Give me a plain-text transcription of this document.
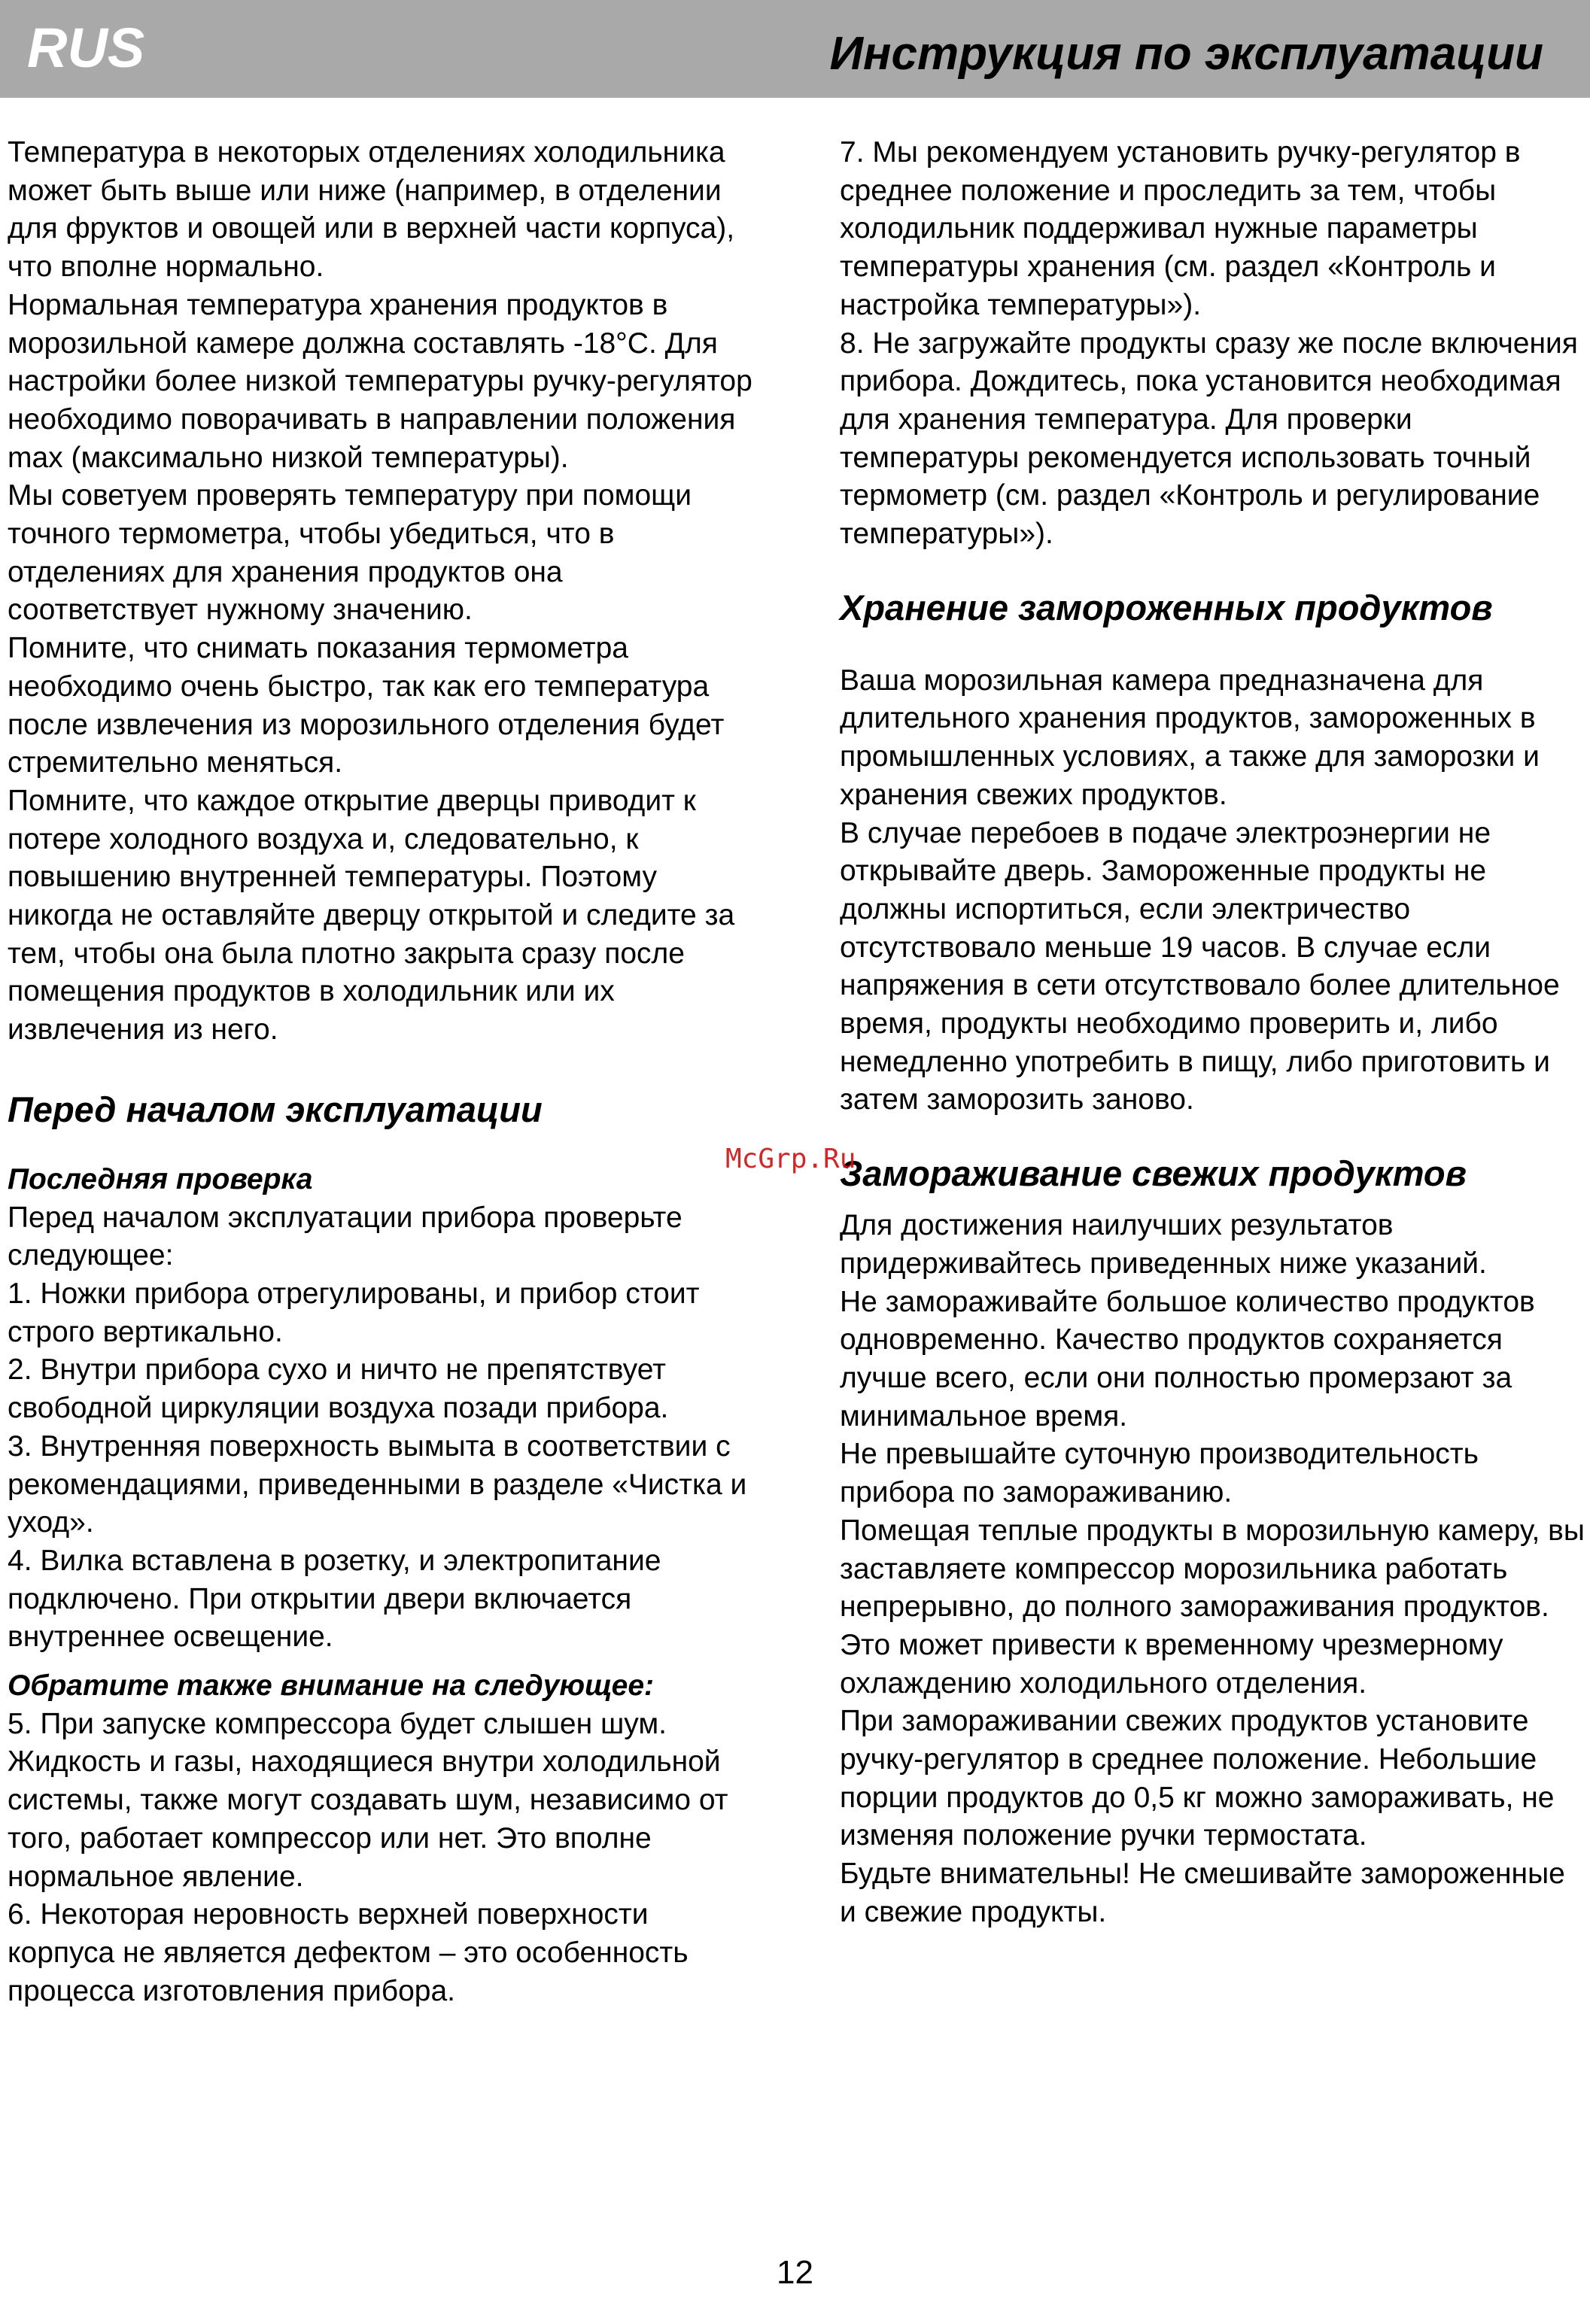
RUS	Инструкция по эксплуатации

Температура в некоторых отделениях холодильника может быть выше или ниже (например, в отделении для фруктов и овощей или в верхней части корпуса), что вполне нормально.

Нормальная температура хранения продуктов в морозильной камере должна составлять -18°C. Для настройки более низкой температуры ручку-регулятор необходимо поворачивать в направлении положения max (максимально низкой температуры).

Мы советуем проверять температуру при помощи точного термометра, чтобы убедиться, что в отделениях для хранения продуктов она соответствует нужному значению.

Помните, что снимать показания термометра необходимо очень быстро, так как его температура после извлечения из морозильного отделения будет стремительно меняться.

Помните, что каждое открытие дверцы приводит к потере холодного воздуха и, следовательно, к повышению внутренней температуры. Поэтому никогда не оставляйте дверцу открытой и следите за тем, чтобы она была плотно закрыта сразу после помещения продуктов в холодильник или их извлечения из него.

Перед началом эксплуатации

Последняя проверка

Перед началом эксплуатации прибора проверьте следующее:

1. Ножки прибора отрегулированы, и прибор стоит строго вертикально.

2. Внутри прибора сухо и ничто не препятствует свободной циркуляции воздуха позади прибора.

3. Внутренняя поверхность вымыта в соответствии с рекомендациями, приведенными в разделе «Чистка и уход».

4. Вилка вставлена в розетку, и электропитание подключено. При открытии двери включается внутреннее освещение.

Обратите также внимание на следующее:

5. При запуске компрессора будет слышен шум. Жидкость и газы, находящиеся внутри холодильной системы, также могут создавать шум, независимо от того, работает компрессор или нет. Это вполне нормальное явление.

6. Некоторая неровность верхней поверхности корпуса не является дефектом – это особенность процесса изготовления прибора.

7. Мы рекомендуем установить ручку-регулятор в среднее положение и проследить за тем, чтобы холодильник поддерживал нужные параметры температуры хранения (см. раздел «Контроль и настройка температуры»).

8. Не загружайте продукты сразу же после включения прибора. Дождитесь, пока установится необходимая для хранения температура. Для проверки температуры рекомендуется использовать точный термометр (см. раздел «Контроль и регулирование температуры»).

Хранение замороженных продуктов

Ваша морозильная камера предназначена для длительного хранения продуктов, замороженных в промышленных условиях, а также для заморозки и хранения свежих продуктов.

В случае перебоев в подаче электроэнергии не открывайте дверь. Замороженные продукты не должны испортиться, если электричество отсутствовало меньше 19 часов. В случае если напряжения в сети отсутствовало более длительное время, продукты необходимо проверить и, либо немедленно употребить в пищу, либо приготовить и затем заморозить заново.

Замораживание свежих продуктов

Для достижения наилучших результатов придерживайтесь приведенных ниже указаний.

Не замораживайте большое количество продуктов одновременно. Качество продуктов сохраняется лучше всего, если они полностью промерзают за минимальное время.

Не превышайте суточную производительность прибора по замораживанию.

Помещая теплые продукты в морозильную камеру, вы заставляете компрессор морозильника работать непрерывно, до полного замораживания продуктов. Это может привести к временному чрезмерному охлаждению холодильного отделения.

При замораживании свежих продуктов установите ручку-регулятор в среднее положение. Небольшие порции продуктов до 0,5 кг можно замораживать, не изменяя положение ручки термостата.

Будьте внимательны! Не смешивайте замороженные и свежие продукты.

McGrp.Ru
12
